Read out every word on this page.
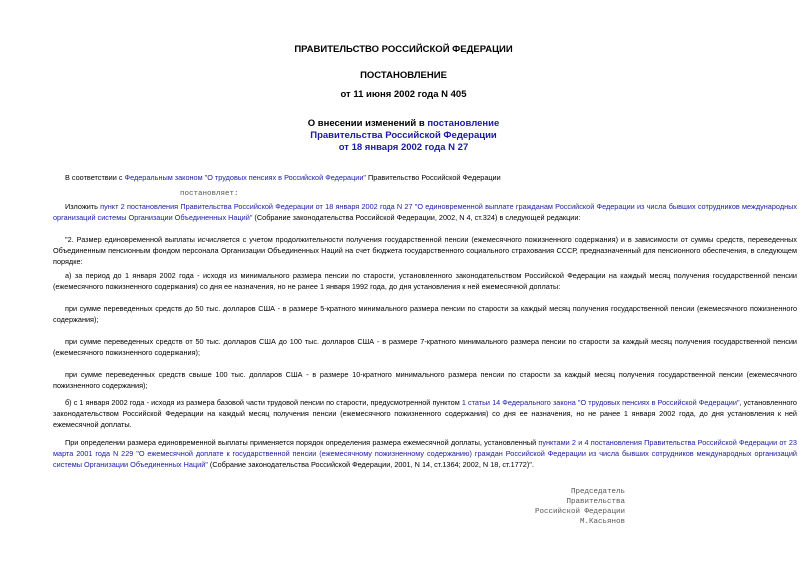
ПРАВИТЕЛЬСТВО РОССИЙСКОЙ ФЕДЕРАЦИИ
ПОСТАНОВЛЕНИЕ
от 11 июня 2002 года N 405
О внесении изменений в постановление
Правительства Российской Федерации
от 18 января 2002 года N 27
В соответствии с Федеральным законом "О трудовых пенсиях в Российской Федерации" Правительство Российской Федерации
постановляет:
Изложить пункт 2 постановления Правительства Российской Федерации от 18 января 2002 года N 27 "О единовременной выплате гражданам Российской Федерации из числа бывших сотрудников международных организаций системы Организации Объединенных Наций" (Собрание законодательства Российской Федерации, 2002, N 4, ст.324) в следующей редакции:
"2. Размер единовременной выплаты исчисляется с учетом продолжительности получения государственной пенсии (ежемесячного пожизненного содержания) и в зависимости от суммы средств, переведенных Объединенным пенсионным фондом персонала Организации Объединенных Наций на счет бюджета государственного социального страхования СССР, предназначенный для пенсионного обеспечения, в следующем порядке:
а) за период до 1 января 2002 года - исходя из минимального размера пенсии по старости, установленного законодательством Российской Федерации на каждый месяц получения государственной пенсии (ежемесячного пожизненного содержания) со дня ее назначения, но не ранее 1 января 1992 года, до дня установления к ней ежемесячной доплаты:
при сумме переведенных средств до 50 тыс. долларов США - в размере 5-кратного минимального размера пенсии по старости за каждый месяц получения государственной пенсии (ежемесячного пожизненного содержания);
при сумме переведенных средств от 50 тыс. долларов США до 100 тыс. долларов США - в размере 7-кратного минимального размера пенсии по старости за каждый месяц получения государственной пенсии (ежемесячного пожизненного содержания);
при сумме переведенных средств свыше 100 тыс. долларов США - в размере 10-кратного минимального размера пенсии по старости за каждый месяц получения государственной пенсии (ежемесячного пожизненного содержания);
б) с 1 января 2002 года - исходя из размера базовой части трудовой пенсии по старости, предусмотренной пунктом 1 статьи 14 Федерального закона "О трудовых пенсиях в Российской Федерации", установленного законодательством Российской Федерации на каждый месяц получения пенсии (ежемесячного пожизненного содержания) со дня ее назначения, но не ранее 1 января 2002 года, до дня установления к ней ежемесячной доплаты.
При определении размера единовременной выплаты применяется порядок определения размера ежемесячной доплаты, установленный пунктами 2 и 4 постановления Правительства Российской Федерации от 23 марта 2001 года N 229 "О ежемесячной доплате к государственной пенсии (ежемесячному пожизненному содержанию) граждан Российской Федерации из числа бывших сотрудников международных организаций системы Организации Объединенных Наций" (Собрание законодательства Российской Федерации, 2001, N 14, ст.1364; 2002, N 18, ст.1772)".
Председатель Правительства
Российской Федерации
М.Касьянов
